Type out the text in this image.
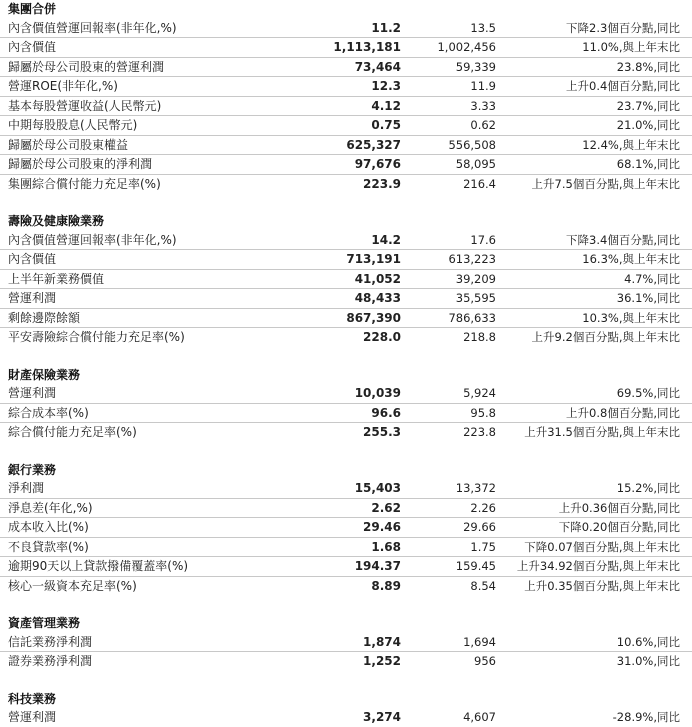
集團合併
內含價值營運回報率(非年化,%)	11.2	13.5	下降2.3個百分點,同比
內含價值	1,113,181	1,002,456	11.0%,與上年末比
歸屬於母公司股東的營運利潤	73,464	59,339	23.8%,同比
營運ROE(非年化,%)	12.3	11.9	上升0.4個百分點,同比
基本每股營運收益(人民幣元)	4.12	3.33	23.7%,同比
中期每股股息(人民幣元)	0.75	0.62	21.0%,同比
歸屬於母公司股東權益	625,327	556,508	12.4%,與上年末比
歸屬於母公司股東的淨利潤	97,676	58,095	68.1%,同比
集團綜合償付能力充足率(%)	223.9	216.4	上升7.5個百分點,與上年末比
壽險及健康險業務
內含價值營運回報率(非年化,%)	14.2	17.6	下降3.4個百分點,同比
內含價值	713,191	613,223	16.3%,與上年末比
上半年新業務價值	41,052	39,209	4.7%,同比
營運利潤	48,433	35,595	36.1%,同比
剩餘邊際餘額	867,390	786,633	10.3%,與上年末比
平安壽險綜合償付能力充足率(%)	228.0	218.8	上升9.2個百分點,與上年末比
財產保險業務
營運利潤	10,039	5,924	69.5%,同比
綜合成本率(%)	96.6	95.8	上升0.8個百分點,同比
綜合償付能力充足率(%)	255.3	223.8 上升31.5個百分點,與上年末比
銀行業務
淨利潤	15,403	13,372	15.2%,同比
淨息差(年化,%)	2.62	2.26	上升0.36個百分點,同比
成本收入比(%)	29.46	29.66	下降0.20個百分點,同比
不良貸款率(%)	1.68	1.75 下降0.07個百分點,與上年末比
逾期90天以上貸款撥備覆蓋率(%)	194.37	159.45 上升34.92個百分點,與上年末比
核心一級資本充足率(%)	8.89	8.54 上升0.35個百分點,與上年末比
資產管理業務
信託業務淨利潤	1,874	1,694	10.6%,同比
證券業務淨利潤	1,252	956	31.0%,同比
科技業務
營運利潤	3,274	4,607	-28.9%,同比
